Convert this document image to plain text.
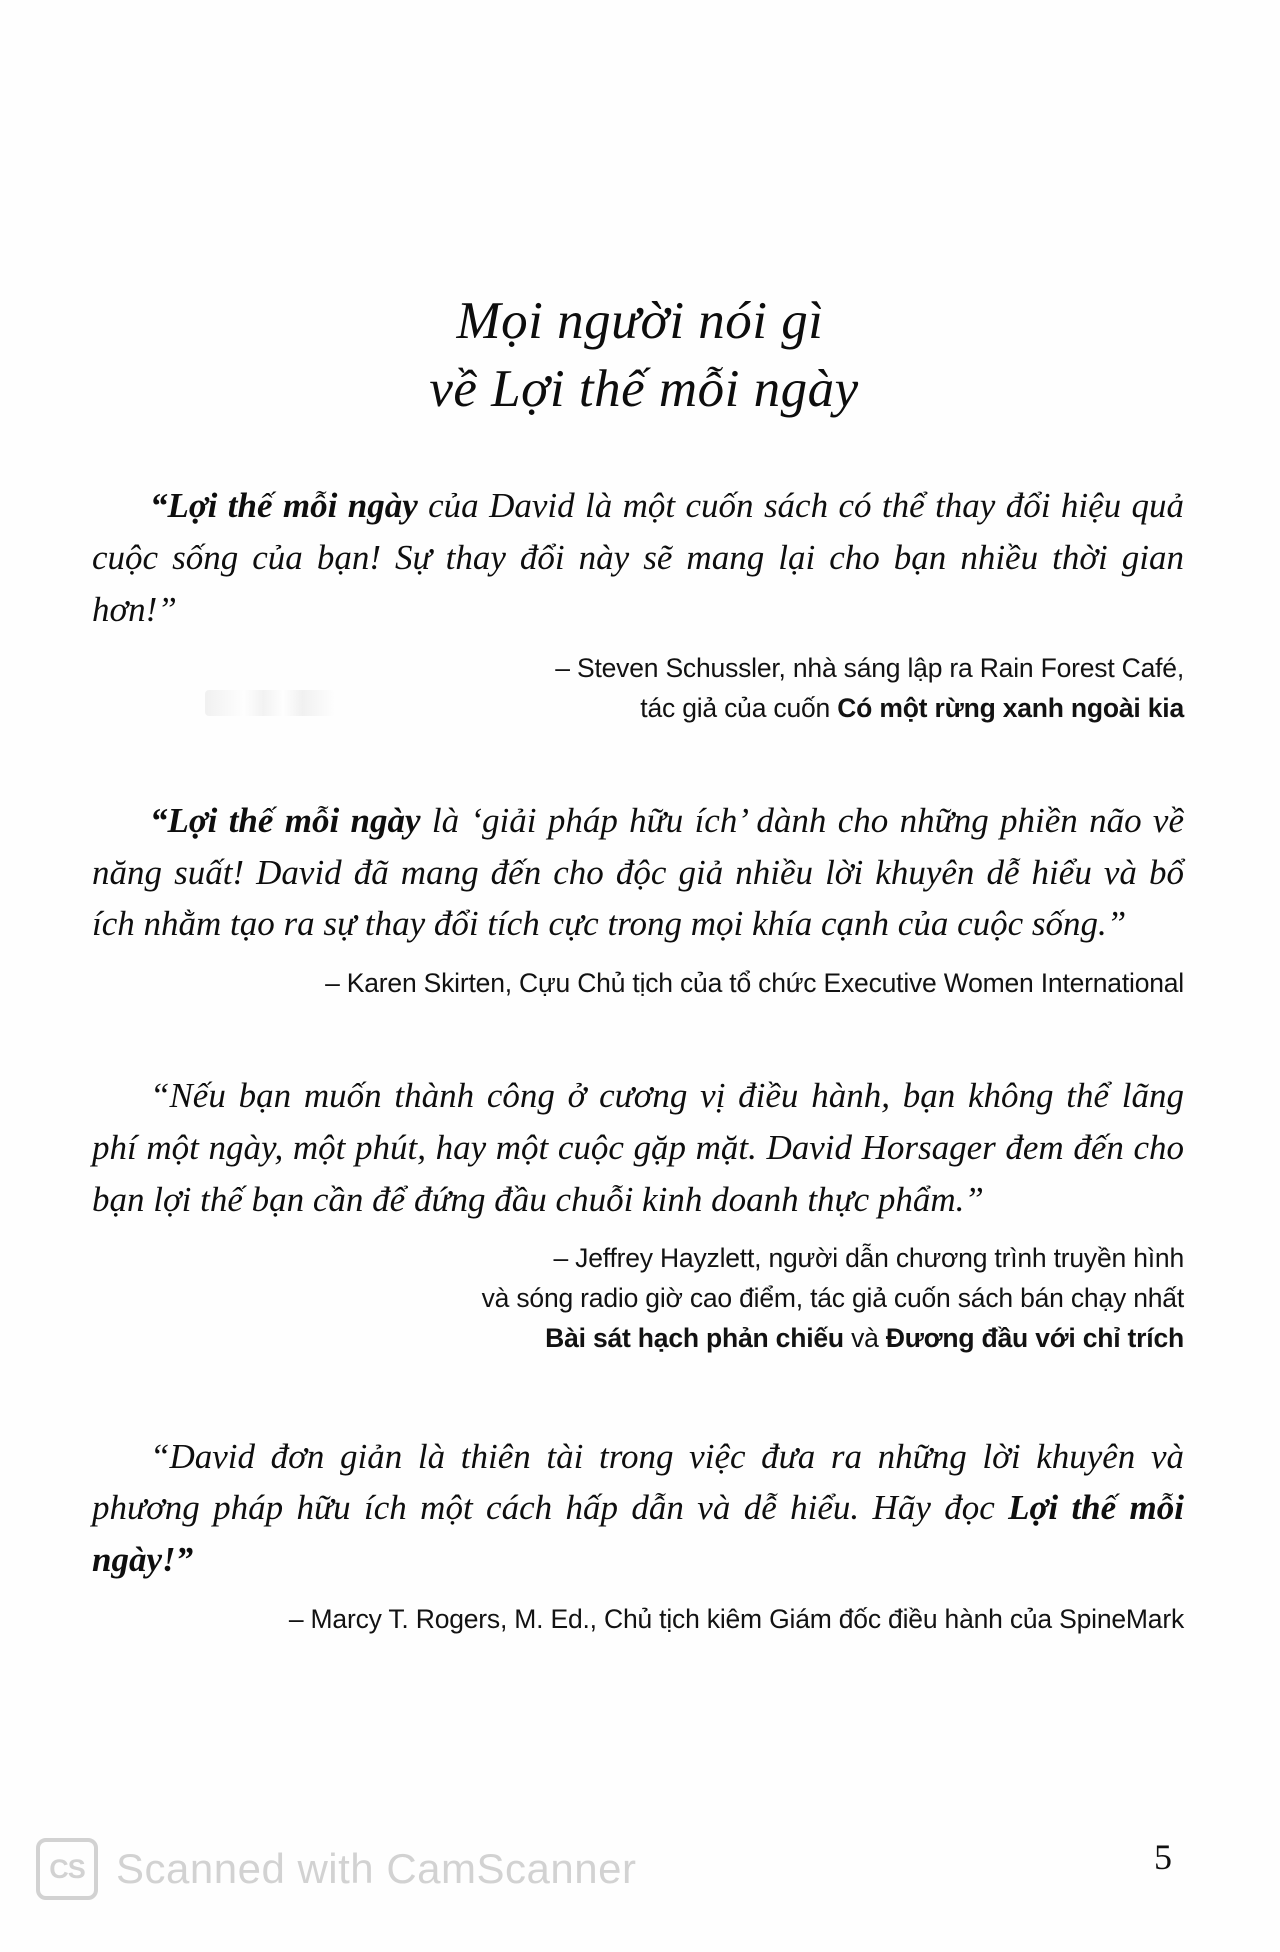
Mọi người nói gì
về Lợi thế mỗi ngày
“Lợi thế mỗi ngày của David là một cuốn sách có thể thay đổi hiệu quả cuộc sống của bạn! Sự thay đổi này sẽ mang lại cho bạn nhiều thời gian hơn!”
– Steven Schussler, nhà sáng lập ra Rain Forest Café,
tác giả của cuốn Có một rừng xanh ngoài kia
“Lợi thế mỗi ngày là ‘giải pháp hữu ích’ dành cho những phiền não về năng suất! David đã mang đến cho độc giả nhiều lời khuyên dễ hiểu và bổ ích nhằm tạo ra sự thay đổi tích cực trong mọi khía cạnh của cuộc sống.”
– Karen Skirten, Cựu Chủ tịch của tổ chức Executive Women International
“Nếu bạn muốn thành công ở cương vị điều hành, bạn không thể lãng phí một ngày, một phút, hay một cuộc gặp mặt. David Horsager đem đến cho bạn lợi thế bạn cần để đứng đầu chuỗi kinh doanh thực phẩm.”
– Jeffrey Hayzlett, người dẫn chương trình truyền hình
và sóng radio giờ cao điểm, tác giả cuốn sách bán chạy nhất
Bài sát hạch phản chiếu và Đương đầu với chỉ trích
“David đơn giản là thiên tài trong việc đưa ra những lời khuyên và phương pháp hữu ích một cách hấp dẫn và dễ hiểu. Hãy đọc Lợi thế mỗi ngày!”
– Marcy T. Rogers, M. Ed., Chủ tịch kiêm Giám đốc điều hành của SpineMark
5
CS Scanned with CamScanner
